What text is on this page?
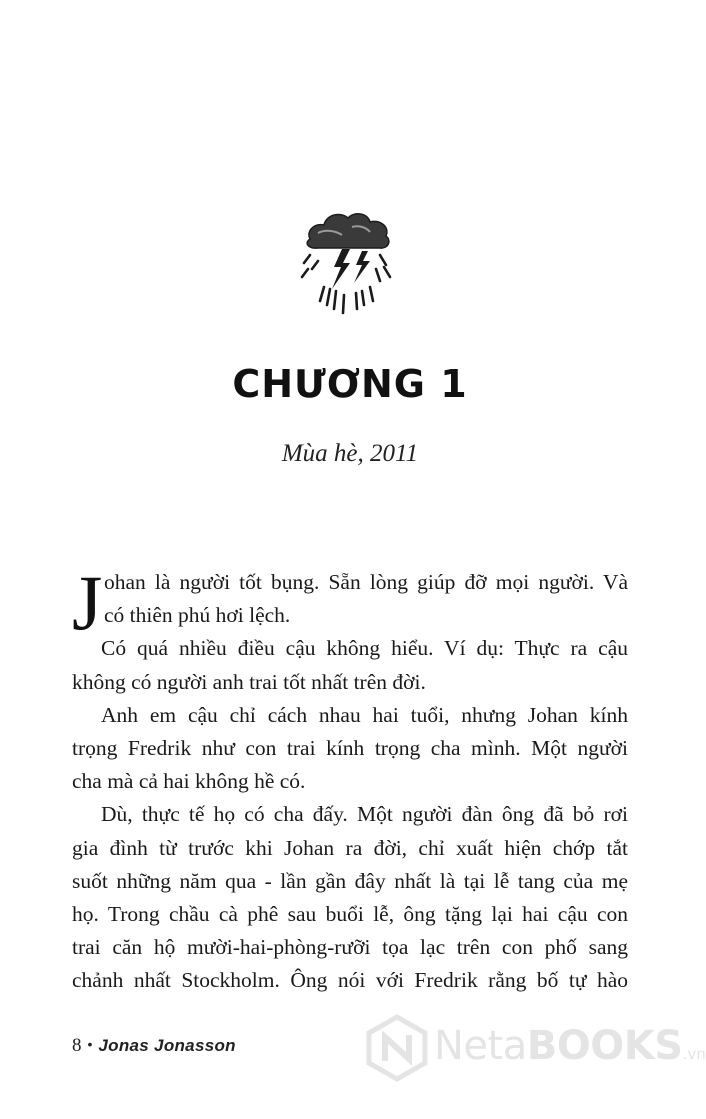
CHƯƠNG 1
Mùa hè, 2011
J ohan là người tốt bụng. Sẵn lòng giúp đỡ mọi người. Và
có thiên phú hơi lệch.
Có quá nhiều điều cậu không hiểu. Ví dụ: Thực ra cậu
không có người anh trai tốt nhất trên đời.
Anh em cậu chỉ cách nhau hai tuổi, nhưng Johan kính
trọng Fredrik như con trai kính trọng cha mình. Một người
cha mà cả hai không hề có.
Dù, thực tế họ có cha đấy. Một người đàn ông đã bỏ rơi
gia đình từ trước khi Johan ra đời, chỉ xuất hiện chớp tắt
suốt những năm qua - lần gần đây nhất là tại lễ tang của mẹ
họ. Trong chầu cà phê sau buổi lễ, ông tặng lại hai cậu con
trai căn hộ mười-hai-phòng-rưỡi tọa lạc trên con phố sang
chảnh nhất Stockholm. Ông nói với Fredrik rằng bố tự hào
8 • Jonas Jonasson	NetaBOOKS.vn
